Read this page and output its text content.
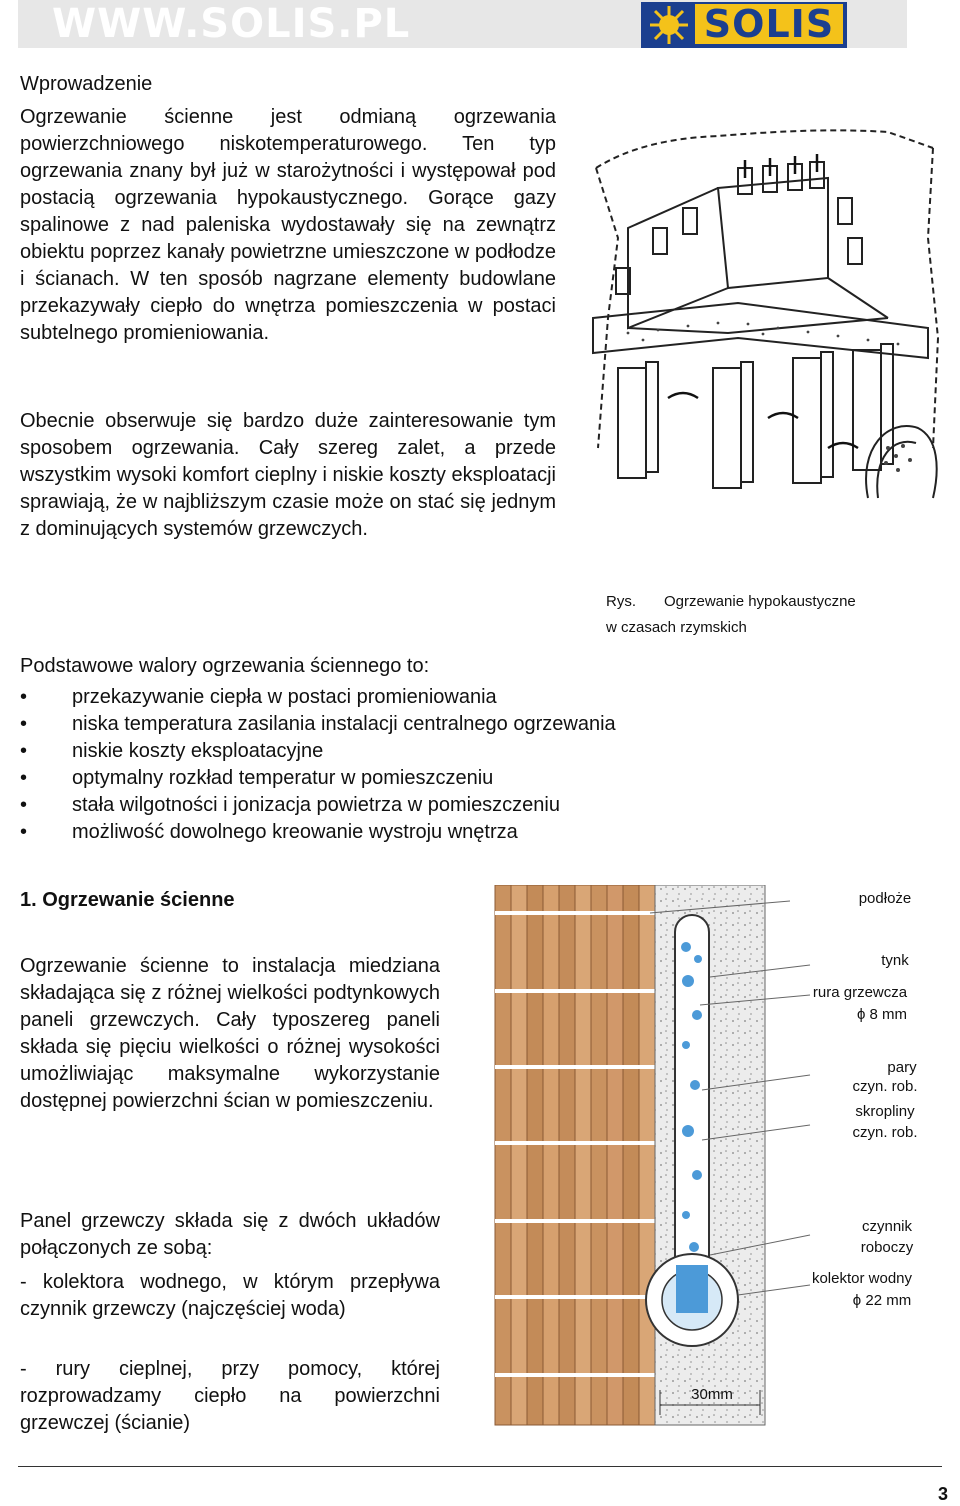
WWW.SOLIS.PL	SOLIS
Wprowadzenie
Ogrzewanie ścienne jest odmianą ogrzewania powierzchniowego niskotemperaturowego. Ten typ ogrzewania znany był już w starożytności i występował pod postacią ogrzewania hypokaustycznego. Gorące gazy spalinowe z nad paleniska wydostawały się na zewnątrz obiektu poprzez kanały powietrzne umieszczone w podłodze i ścianach. W ten sposób nagrzane elementy budowlane przekazywały ciepło do wnętrza pomieszczenia w postaci subtelnego promieniowania.
Obecnie obserwuje się bardzo duże zainteresowanie tym sposobem ogrzewania. Cały szereg zalet, a przede wszystkim wysoki komfort cieplny i niskie koszty eksploatacji sprawiają, że w najbliższym czasie może on stać się jednym z dominujących systemów grzewczych.
Rys. Ogrzewanie hypokaustyczne
w czasach rzymskich
Podstawowe walory ogrzewania ściennego to:
• przekazywanie ciepła w postaci promieniowania
• niska temperatura zasilania instalacji centralnego ogrzewania
• niskie koszty eksploatacyjne
• optymalny rozkład temperatur w pomieszczeniu
• stała wilgotności i jonizacja powietrza w pomieszczeniu
• możliwość dowolnego kreowanie wystroju wnętrza
1. Ogrzewanie ścienne
Ogrzewanie ścienne to instalacja miedziana składająca się z różnej wielkości podtynkowych paneli grzewczych. Cały typoszereg paneli składa się pięciu wielkości o różnej wysokości umożliwiając maksymalne wykorzystanie dostępnej powierzchni ścian w pomieszczeniu.
Panel grzewczy składa się z dwóch układów połączonych ze sobą:
- kolektora wodnego, w którym przepływa czynnik grzewczy (najczęściej woda)
- rury cieplnej, przy pomocy, której rozprowadzamy ciepło na powierzchni grzewczej (ścianie)
podłoże
tynk
rura grzewcza
ϕ 8 mm
pary
czyn. rob.
skropliny
czyn. rob.
czynnik
roboczy
kolektor wodny
ϕ 22 mm
30mm
3
